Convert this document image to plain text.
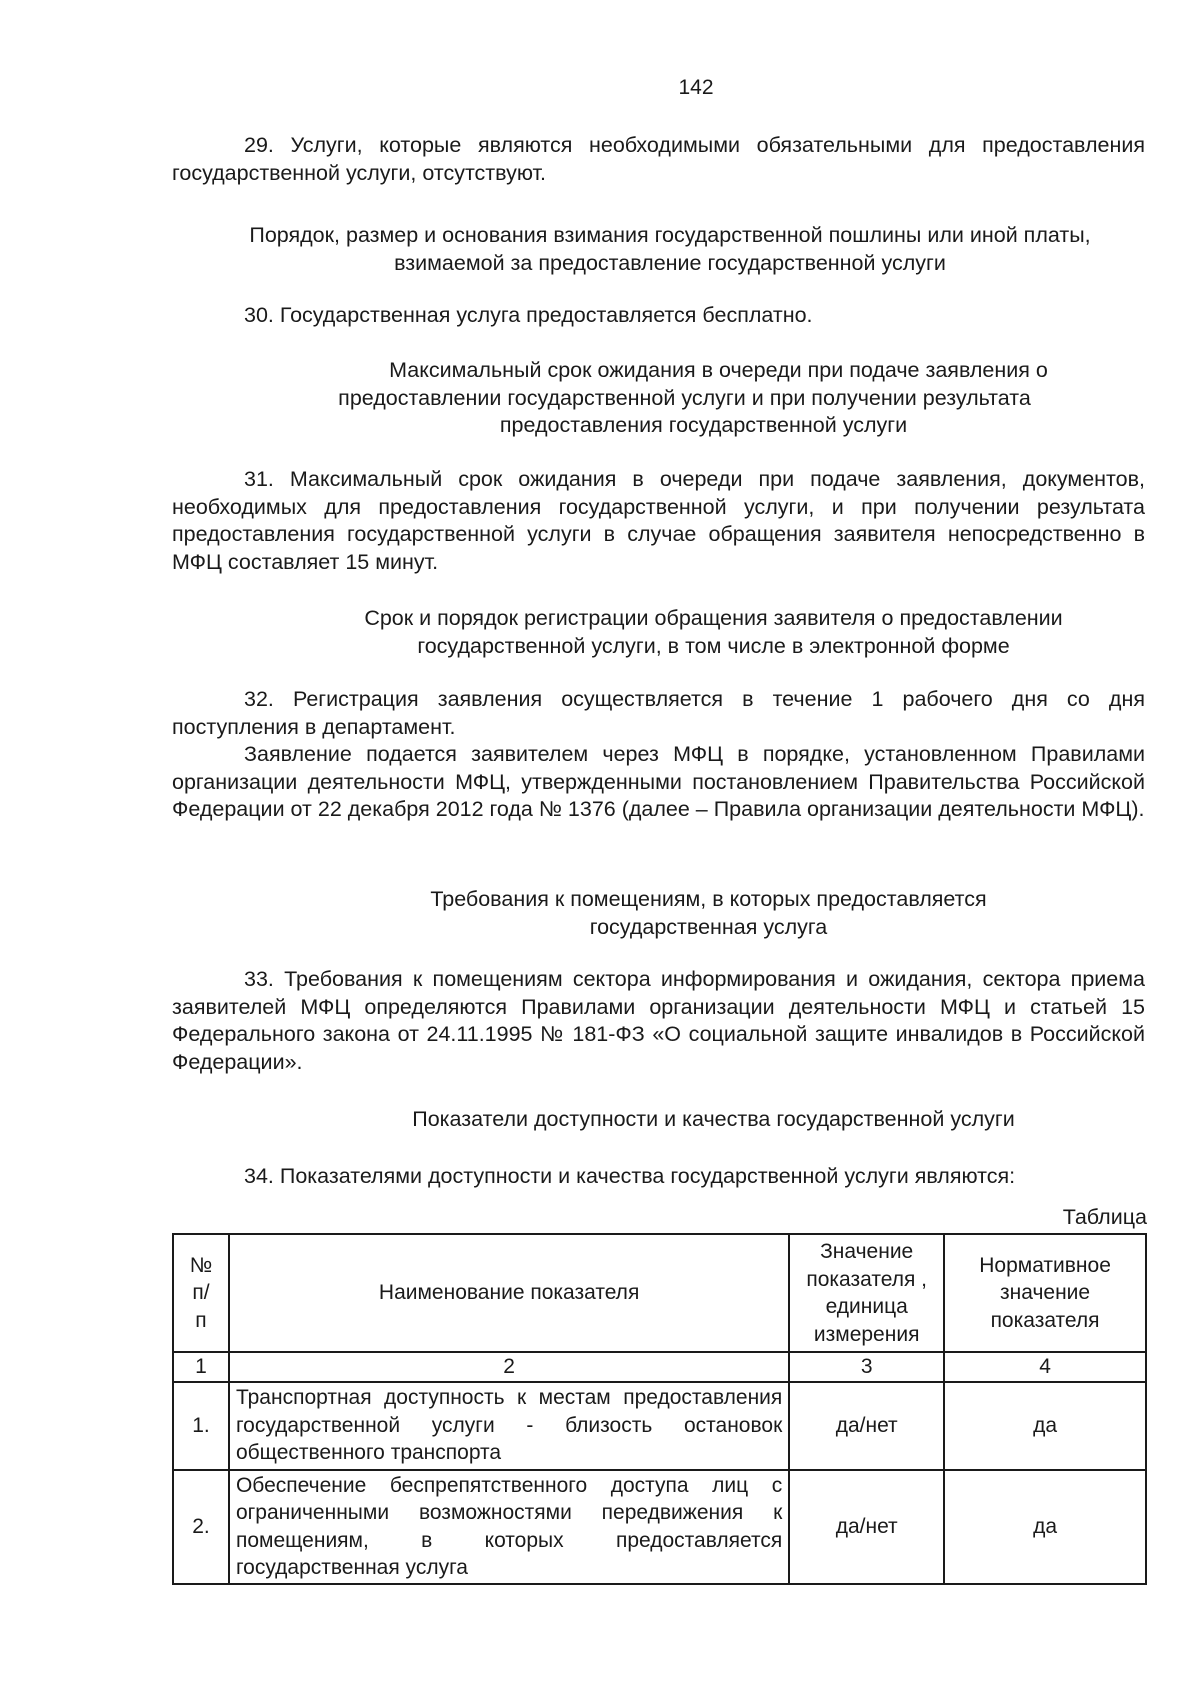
142

29. Услуги, которые являются необходимыми обязательными для предоставления государственной услуги, отсутствуют.

Порядок, размер и основания взимания государственной пошлины или иной платы, взимаемой за предоставление государственной услуги

30. Государственная услуга предоставляется бесплатно.

Максимальный срок ожидания в очереди при подаче заявления о

предоставлении государственной услуги и при получении результата

предоставления государственной услуги

31. Максимальный срок ожидания в очереди при подаче заявления, документов, необходимых для предоставления государственной услуги, и при получении результата предоставления государственной услуги в случае обращения заявителя непосредственно в МФЦ составляет 15 минут.

Срок и порядок регистрации обращения заявителя о предоставлении

государственной услуги, в том числе в электронной форме

32. Регистрация заявления осуществляется в течение 1 рабочего дня со дня поступления в департамент.

Заявление подается заявителем через МФЦ в порядке, установленном Правилами организации деятельности МФЦ, утвержденными постановлением Правительства Российской Федерации от 22 декабря 2012 года № 1376 (далее – Правила организации деятельности МФЦ).

Требования к помещениям, в которых предоставляется

государственная услуга

33. Требования к помещениям сектора информирования и ожидания, сектора приема заявителей МФЦ определяются Правилами организации деятельности МФЦ и статьей 15 Федерального закона от 24.11.1995 № 181-ФЗ «О социальной защите инвалидов в Российской Федерации».

Показатели доступности и качества государственной услуги

34. Показателями доступности и качества государственной услуги являются:

Таблица
№ п/п	Наименование показателя	Значение показателя , единица измерения	Нормативное значение показателя
1	2	3	4
1.	Транспортная доступность к местам предоставления государственной услуги - близость остановок общественного транспорта	да/нет	да
2.	Обеспечение беспрепятственного доступа лиц с ограниченными возможностями передвижения к помещениям, в которых предоставляется государственная услуга	да/нет	да
